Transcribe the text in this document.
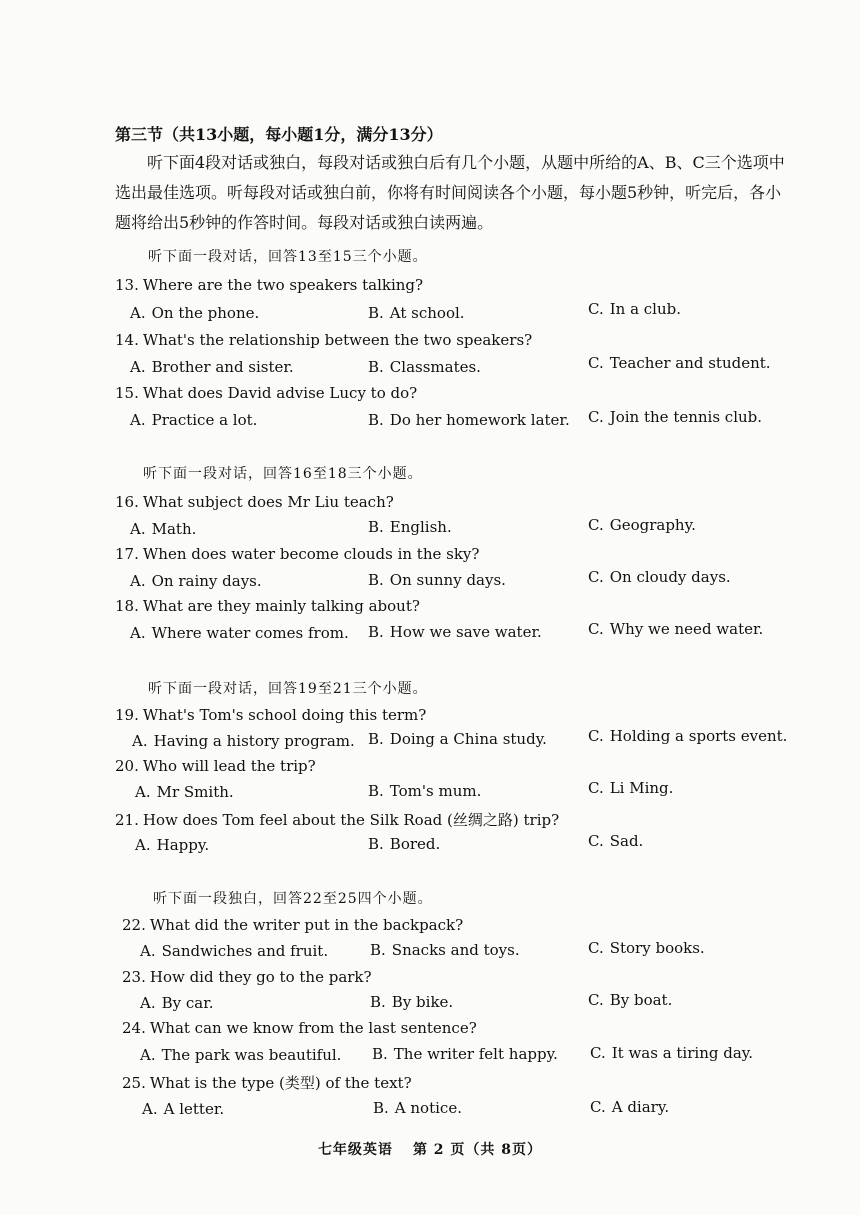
第三节（共13小题，每小题1分，满分13分）
听下面4段对话或独白，每段对话或独白后有几个小题，从题中所给的A、B、C三个选项中选出最佳选项。听每段对话或独白前，你将有时间阅读各个小题，每小题5秒钟，听完后，各小题将给出5秒钟的作答时间。每段对话或独白读两遍。
听下面一段对话，回答13至15三个小题。
13. Where are the two speakers talking?
A. On the phone.	B. At school.	C. In a club.
14. What's the relationship between the two speakers?
A. Brother and sister.	B. Classmates.	C. Teacher and student.
15. What does David advise Lucy to do?
A. Practice a lot.	B. Do her homework later. C. Join the tennis club.
听下面一段对话，回答16至18三个小题。
16. What subject does Mr Liu teach?
A. Math.	B. English.	C. Geography.
17. When does water become clouds in the sky?
A. On rainy days.	B. On sunny days.	C. On cloudy days.
18. What are they mainly talking about?
A. Where water comes from. B. How we save water.	C. Why we need water.
听下面一段对话，回答19至21三个小题。
19. What's Tom's school doing this term?
A. Having a history program. B. Doing a China study.	C. Holding a sports event.
20. Who will lead the trip?
A. Mr Smith.	B. Tom's mum.	C. Li Ming.
21. How does Tom feel about the Silk Road (丝绸之路) trip?
A. Happy.	B. Bored.	C. Sad.
听下面一段独白，回答22至25四个小题。
22. What did the writer put in the backpack?
A. Sandwiches and fruit.	B. Snacks and toys.	C. Story books.
23. How did they go to the park?
A. By car.	B. By bike.	C. By boat.
24. What can we know from the last sentence?
A. The park was beautiful. B. The writer felt happy. C. It was a tiring day.
25. What is the type (类型) of the text?
A. A letter.	B. A notice.	C. A diary.
七年级英语 第 2 页（共 8页）
